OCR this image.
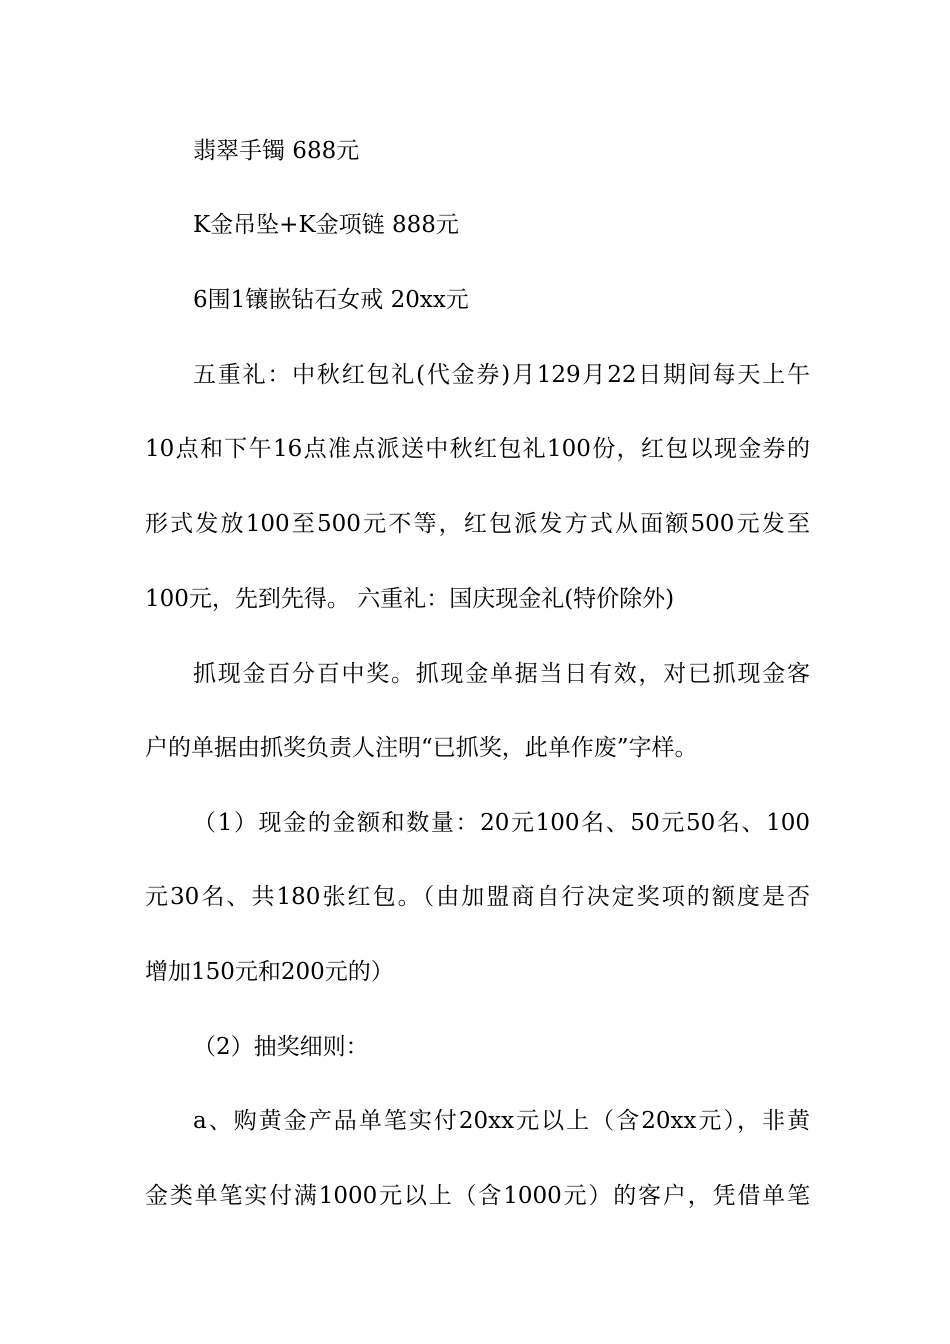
翡翠手镯 688元
K金吊坠+K金项链 888元
6围1镶嵌钻石女戒 20xx元
五重礼：中秋红包礼(代金券)月129月22日期间每天上午
10点和下午16点准点派送中秋红包礼100份，红包以现金券的
形式发放100至500元不等，红包派发方式从面额500元发至
100元，先到先得。 六重礼：国庆现金礼(特价除外)
抓现金百分百中奖。抓现金单据当日有效，对已抓现金客
户的单据由抓奖负责人注明“已抓奖，此单作废”字样。
（1）现金的金额和数量：20元100名、50元50名、100
元30名、共180张红包。（由加盟商自行决定奖项的额度是否
增加150元和200元的）
（2）抽奖细则：
a、购黄金产品单笔实付20xx元以上（含20xx元），非黄
金类单笔实付满1000元以上（含1000元）的客户，凭借单笔
